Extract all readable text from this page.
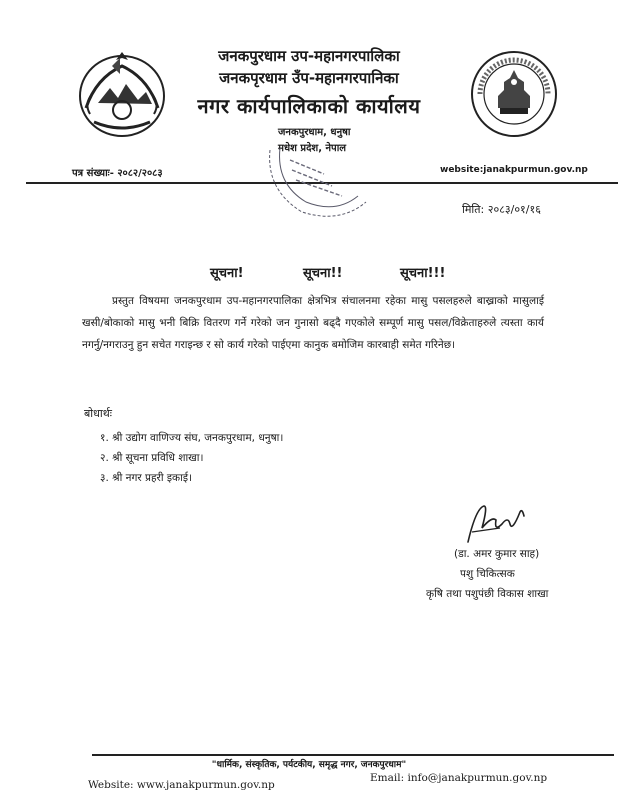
जनकपुरधाम उप-महानगरपालिका
जनकपृरधाम उँप-महानगरपानिका
नगर कार्यपालिकाको कार्यालय
जनकपुरधाम, धनुषा
मधेश प्रदेश, नेपाल
पत्र संख्याः- २०८२/२०८३	website:janakpurmun.gov.np
मिति: २०८३/०१/१६
सूचना!	सूचना!!	सूचना!!!
प्रस्तुत विषयमा जनकपुरधाम उप-महानगरपालिका क्षेत्रभित्र संचालनमा रहेका मासु पसलहरुले बाख्राको मासुलाई खसी/बोकाको मासु भनी बिक्रि वितरण गर्ने गरेको जन गुनासो बढ्दै गएकोले सम्पूर्ण मासु पसल/विक्रेताहरुले त्यस्ता कार्य नगर्नु/नगराउनु हुन सचेत गराइन्छ र सो कार्य गरेको पाईएमा कानुक बमोजिम कारबाही समेत गरिनेछ।
बोधार्थः
१. श्री उद्योग वाणिज्य संघ, जनकपुरधाम, धनुषा।
२. श्री सूचना प्रविधि शाखा।
३. श्री नगर प्रहरी इकाई।
(डा. अमर कुमार साह)
पशु चिकित्सक
कृषि तथा पशुपंछी विकास शाखा
"धार्मिक, संस्कृतिक, पर्यटकीय, समृद्ध नगर, जनकपुरधाम"
Website: www.janakpurmun.gov.np
Email: info@janakpurmun.gov.np
